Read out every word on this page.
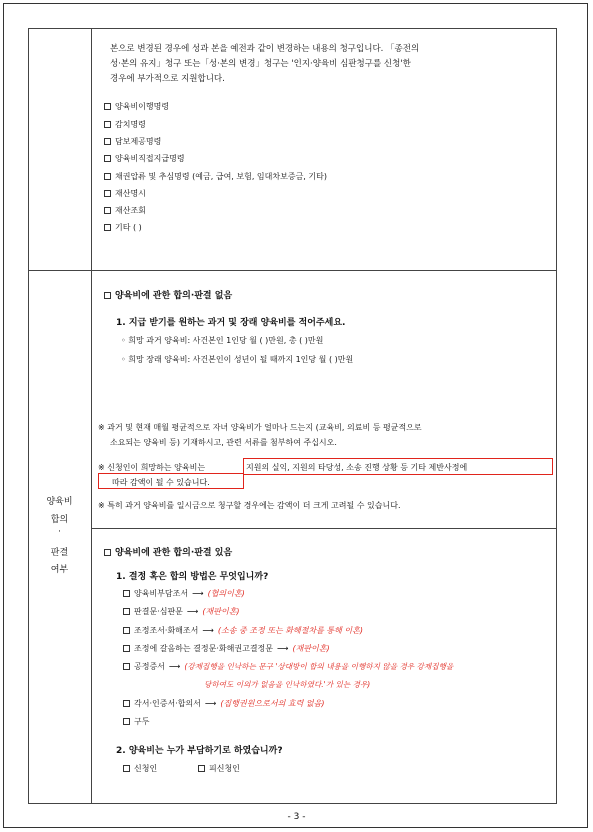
본으로 변경된 경우에 성과 본을 예전과 같이 변경하는 내용의 청구입니다. 「종전의
성·본의 유지」청구 또는「성·본의 변경」청구는 '인지·양육비 심판청구를 신청'한
경우에 부가적으로 지원합니다.
양육비이행명령
감치명령
담보제공명령
양육비직접지급명령
채권압류 및 추심명령 (예금, 급여, 보험, 임대차보증금, 기타)
재산명시
재산조회
기타 ( )
양육비
합의
·
판결
여부
양육비에 관한 합의·판결 없음
1. 지급 받기를 원하는 과거 및 장래 양육비를 적어주세요.
◦ 희망 과거 양육비: 사건본인 1인당 월 ( )만원, 총 ( )만원
◦ 희망 장래 양육비: 사건본인이 성년이 될 때까지 1인당 월 ( )만원
※ 과거 및 현재 매월 평균적으로 자녀 양육비가 얼마나 드는지 (교육비, 의료비 등 평균적으로
소요되는 양육비 등) 기재하시고, 관련 서류를 첨부하여 주십시오.
※ 신청인이 희망하는 양육비는	지원의 실익, 지원의 타당성, 소송 진행 상황 등 기타 제반사정에
따라 감액이 될 수 있습니다.
※ 특히 과거 양육비를 일시금으로 청구할 경우에는 감액이 더 크게 고려될 수 있습니다.
양육비에 관한 합의·판결 있음
1. 결정 혹은 합의 방법은 무엇입니까?
양육비부담조서 ⟶ (협의이혼)
판결문·심판문 ⟶ (재판이혼)
조정조서·화해조서 ⟶ (소송 중 조정 또는 화해절차를 통해 이혼)
조정에 갈음하는 결정문·화해권고결정문 ⟶ (재판이혼)
공정증서 ⟶ (강제집행을 인낙하는 문구 '상대방이 합의 내용을 이행하지 않을 경우 강제집행을
당하여도 이의가 없음을 인낙하였다.'가 있는 경우)
각서·인증서·합의서 ⟶ (집행권원으로서의 효력 없음)
구두
2. 양육비는 누가 부담하기로 하였습니까?
신청인	피신청인
- 3 -
